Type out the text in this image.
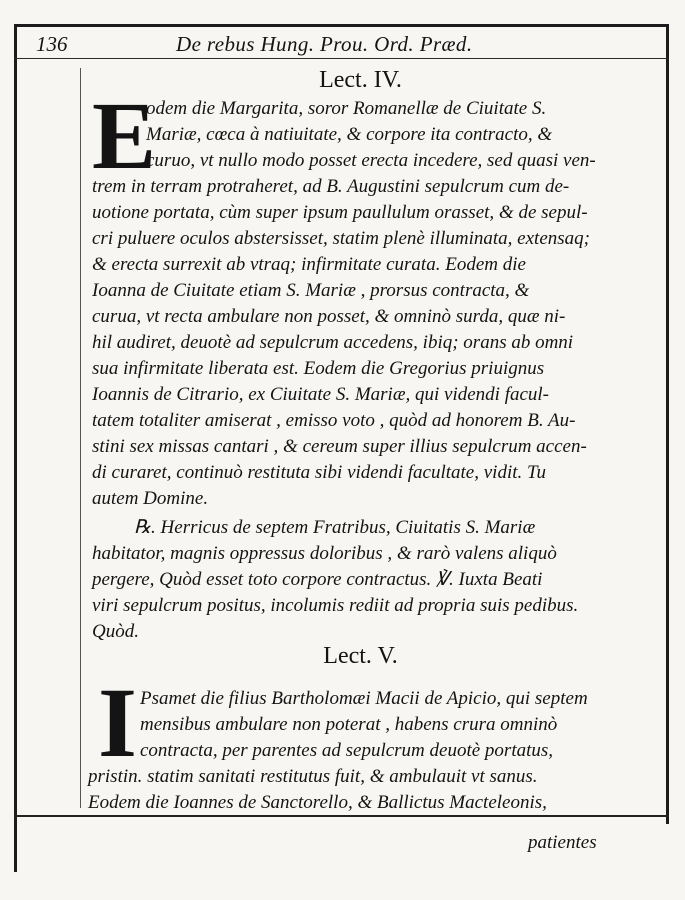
136	De rebus Hung. Prou. Ord. Præd.
Lect. IV.
E
odem die Margarita, soror Romanellæ de Ciuitate S.
Mariæ, cœca à natiuitate, & corpore ita contracto, &
curuo, vt nullo modo posset erecta incedere, sed quasi ven-
trem in terram protraheret, ad B. Augustini sepulcrum cum de-
uotione portata, cùm super ipsum paullulum orasset, & de sepul-
cri puluere oculos abstersisset, statim plenè illuminata, extensaq;
& erecta surrexit ab vtraq; infirmitate curata. Eodem die
Ioanna de Ciuitate etiam S. Mariæ , prorsus contracta, &
curua, vt recta ambulare non posset, & omninò surda, quæ ni-
hil audiret, deuotè ad sepulcrum accedens, ibiq; orans ab omni
sua infirmitate liberata est. Eodem die Gregorius priuignus
Ioannis de Citrario, ex Ciuitate S. Mariæ, qui videndi facul-
tatem totaliter amiserat , emisso voto , quòd ad honorem B. Au-
stini sex missas cantari , & cereum super illius sepulcrum accen-
di curaret, continuò restituta sibi videndi facultate, vidit. Tu
autem Domine.
℞. Herricus de septem Fratribus, Ciuitatis S. Mariæ
habitator, magnis oppressus doloribus , & rarò valens aliquò
pergere, Quòd esset toto corpore contractus. ℣. Iuxta Beati
viri sepulcrum positus, incolumis rediit ad propria suis pedibus.
Quòd.
Lect. V.
I Psamet die filius Bartholomæi Macii de Apicio, qui septem
mensibus ambulare non poterat , habens crura omninò
contracta, per parentes ad sepulcrum deuotè portatus,
pristin. statim sanitati restitutus fuit, & ambulauit vt sanus.
Eodem die Ioannes de Sanctorello, & Ballictus Macteleonis,
patientes
